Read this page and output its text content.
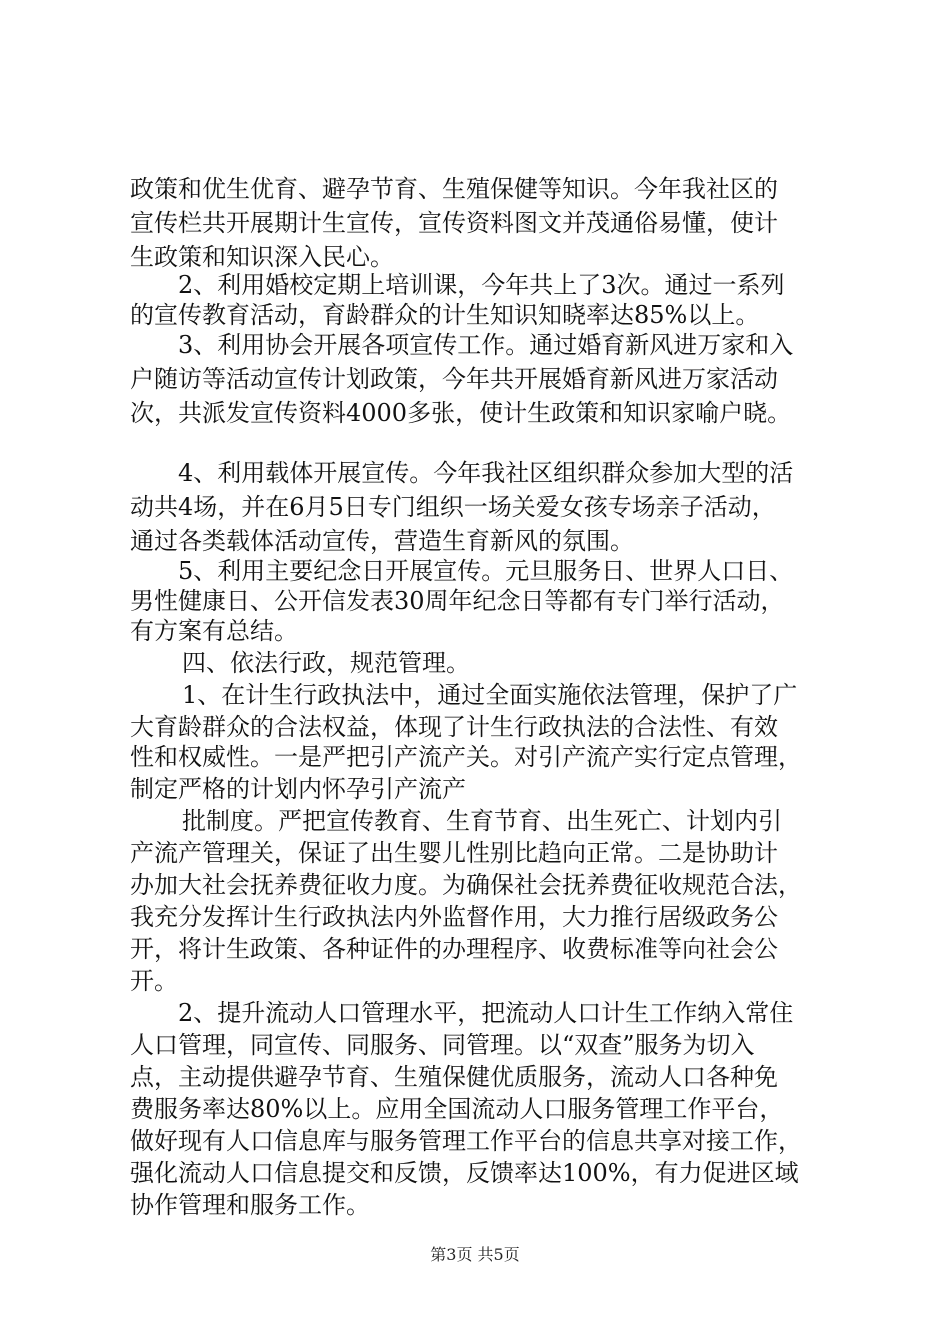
政策和优生优育、避孕节育、生殖保健等知识。今年我社区的
宣传栏共开展期计生宣传，宣传资料图文并茂通俗易懂，使计
生政策和知识深入民心。
2、利用婚校定期上培训课，今年共上了3次。通过一系列
的宣传教育活动，育龄群众的计生知识知晓率达85%以上。
3、利用协会开展各项宣传工作。通过婚育新风进万家和入
户随访等活动宣传计划政策，今年共开展婚育新风进万家活动
次，共派发宣传资料4000多张，使计生政策和知识家喻户晓。
4、利用载体开展宣传。今年我社区组织群众参加大型的活
动共4场，并在6月5日专门组织一场关爱女孩专场亲子活动，
通过各类载体活动宣传，营造生育新风的氛围。
5、利用主要纪念日开展宣传。元旦服务日、世界人口日、
男性健康日、公开信发表30周年纪念日等都有专门举行活动，
有方案有总结。
四、依法行政，规范管理。
1、在计生行政执法中，通过全面实施依法管理，保护了广
大育龄群众的合法权益，体现了计生行政执法的合法性、有效
性和权威性。一是严把引产流产关。对引产流产实行定点管理，
制定严格的计划内怀孕引产流产
批制度。严把宣传教育、生育节育、出生死亡、计划内引
产流产管理关，保证了出生婴儿性别比趋向正常。二是协助计
办加大社会抚养费征收力度。为确保社会抚养费征收规范合法，
我充分发挥计生行政执法内外监督作用，大力推行居级政务公
开，将计生政策、各种证件的办理程序、收费标准等向社会公
开。
2、提升流动人口管理水平，把流动人口计生工作纳入常住
人口管理，同宣传、同服务、同管理。以“双查”服务为切入
点，主动提供避孕节育、生殖保健优质服务，流动人口各种免
费服务率达80%以上。应用全国流动人口服务管理工作平台，
做好现有人口信息库与服务管理工作平台的信息共享对接工作，
强化流动人口信息提交和反馈，反馈率达100%，有力促进区域
协作管理和服务工作。
第3页 共5页
